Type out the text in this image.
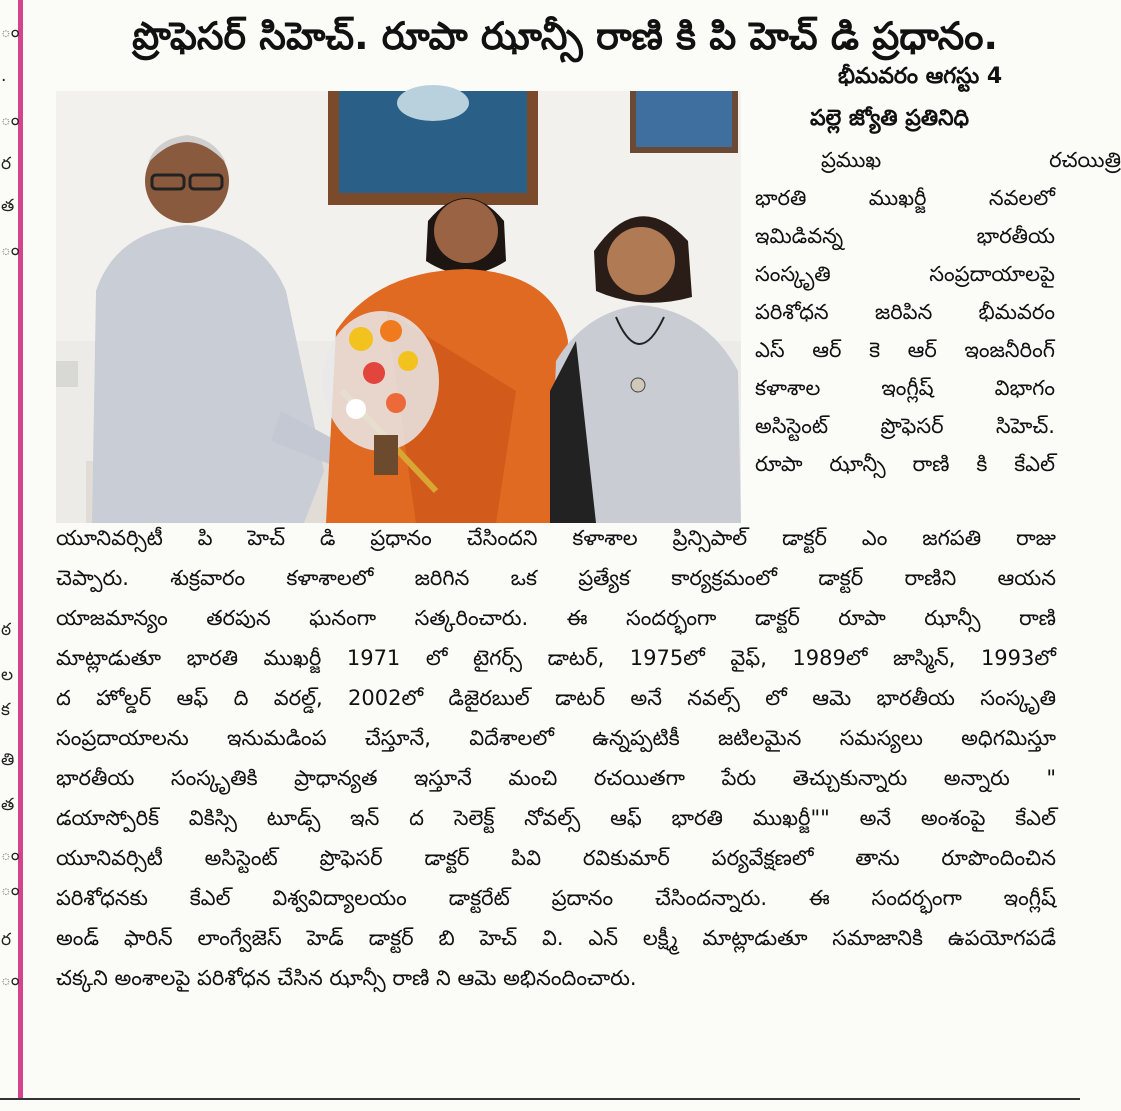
ం
.
ం
ర
త
ం
ఠ
ల
క
తి
త
ం
ం
ర
ం
ప్రొఫెసర్ సిహెచ్. రూపా ఝాన్సీ రాణి కి పి హెచ్ డి ప్రధానం.
భీమవరం ఆగస్టు 4
పల్లె జ్యోతి ప్రతినిధి
ప్రముఖ రచయిత్రి
భారతి ముఖర్జీ నవలలో
ఇమిడివన్న భారతీయ
సంస్కృతి సంప్రదాయాలపై
పరిశోధన జరిపిన భీమవరం
ఎస్ ఆర్ కె ఆర్ ఇంజనీరింగ్
కళాశాల ఇంగ్లీష్ విభాగం
అసిస్టెంట్ ప్రొఫెసర్ సిహెచ్.
రూపా ఝాన్సీ రాణి కి కేఎల్
యూనివర్సిటీ పి హెచ్ డి ప్రధానం చేసిందని కళాశాల ప్రిన్సిపాల్ డాక్టర్ ఎం జగపతి రాజు
చెప్పారు. శుక్రవారం కళాశాలలో జరిగిన ఒక ప్రత్యేక కార్యక్రమంలో డాక్టర్ రాణిని ఆయన
యాజమాన్యం తరపున ఘనంగా సత్కరించారు. ఈ సందర్భంగా డాక్టర్ రూపా ఝాన్సీ రాణి
మాట్లాడుతూ భారతి ముఖర్జీ 1971 లో టైగర్స్ డాటర్, 1975లో వైఫ్, 1989లో జాస్మిన్, 1993లో
ద హోల్డర్ ఆఫ్ ది వరల్డ్, 2002లో డిజైరబుల్ డాటర్ అనే నవల్స్ లో ఆమె భారతీయ సంస్కృతి
సంప్రదాయాలను ఇనుమడింప చేస్తూనే, విదేశాలలో ఉన్నప్పటికీ జటిలమైన సమస్యలు అధిగమిస్తూ
భారతీయ సంస్కృతికి ప్రాధాన్యత ఇస్తూనే మంచి రచయితగా పేరు తెచ్చుకున్నారు అన్నారు "
డయాస్పోరిక్ వికిస్సి టూడ్స్ ఇన్ ద సెలెక్ట్ నోవల్స్ ఆఫ్ భారతి ముఖర్జీ"" అనే అంశంపై కేఎల్
యూనివర్సిటీ అసిస్టెంట్ ప్రొఫెసర్ డాక్టర్ పివి రవికుమార్ పర్యవేక్షణలో తాను రూపొందించిన
పరిశోధనకు కేఎల్ విశ్వవిద్యాలయం డాక్టరేట్ ప్రదానం చేసిందన్నారు. ఈ సందర్భంగా ఇంగ్లీష్
అండ్ ఫారిన్ లాంగ్వేజెస్ హెడ్ డాక్టర్ బి హెచ్ వి. ఎన్ లక్ష్మీ మాట్లాడుతూ సమాజానికి ఉపయోగపడే
చక్కని అంశాలపై పరిశోధన చేసిన ఝాన్సీ రాణి ని ఆమె అభినందించారు.
